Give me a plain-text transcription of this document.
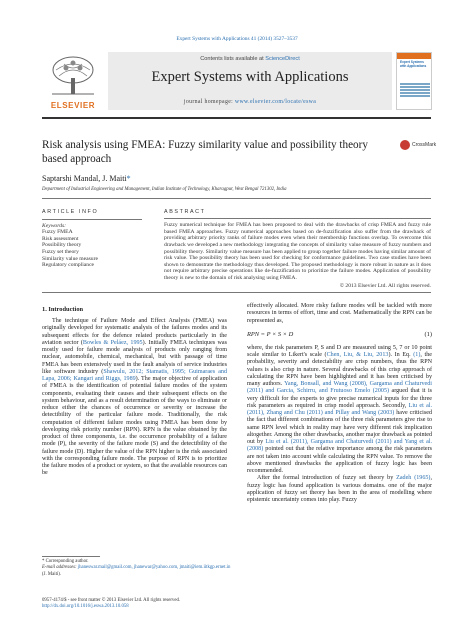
Expert Systems with Applications 41 (2014) 3527–3537
ELSEVIER
Contents lists available at ScienceDirect
Expert Systems with Applications
journal homepage: www.elsevier.com/locate/eswa
Expert Systems with Applications
Risk analysis using FMEA: Fuzzy similarity value and possibility theory based approach
CrossMark
Saptarshi Mandal, J. Maiti*
Department of Industrial Engineering and Management, Indian Institute of Technology, Kharagpur, West Bengal 721302, India
ARTICLE INFO
Keywords:
Fuzzy FMEA
Risk assessment
Possibility theory
Fuzzy set theory
Similarity value measure
Regulatory compliance
ABSTRACT
Fuzzy numerical technique for FMEA has been proposed to deal with the drawbacks of crisp FMEA and fuzzy rule based FMEA approaches. Fuzzy numerical approaches based on de-fuzzification also suffer from the drawback of providing arbitrary priority ranks of failure modes even when their membership functions overlap. To overcome this drawback we developed a new methodology integrating the concepts of similarity value measure of fuzzy numbers and possibility theory. Similarity value measure has been applied to group together failure modes having similar amount of risk value. The possibility theory has been used for checking for conformance guidelines. Two case studies have been shown to demonstrate the methodology thus developed. The proposed methodology is more robust in nature as it does not require arbitrary precise operations like de-fuzzification to prioritize the failure modes. Application of possibility theory is new to the domain of risk analysing using FMEA.
© 2013 Elsevier Ltd. All rights reserved.
1. Introduction

The technique of Failure Mode and Effect Analysis (FMEA) was originally developed for systematic analysis of the failures modes and its subsequent effects for the defence related products particularly in the aviation sector (Bowles & Peláez, 1995). Initially FMEA techniques was mostly used for failure mode analysis of products only ranging from nuclear, automobile, chemical, mechanical, but with passage of time FMEA has been extensively used in the fault analysis of service industries like software industry (Shawulu, 2012; Stamatis, 1995; Guimaraes and Lapa, 2006; Kangari and Riggs, 1989). The major objective of application of FMEA is the identification of potential failure modes of the system components, evaluating their causes and their subsequent effects on the system behaviour, and as a result determination of the ways to eliminate or reduce either the chances of occurrence or severity or increase the detectibility of the particular failure mode. Traditionally, the risk computation of different failure modes using FMEA has been done by developing risk priority number (RPN). RPN is the value obtained by the product of three components, i.e. the occurrence probability of a failure mode (P), the severity of the failure mode (S) and the detectibility of the failure mode (D). Higher the value of the RPN higher is the risk associated with the corresponding failure mode. The purpose of RPN is to prioritize the failure modes of a product or system, so that the available resources can be

effectively allocated. More risky failure modes will be tackled with more resources in terms of effort, time and cost. Mathematically the RPN can be represented as,

RPN = P × S × D	(1)

where, the risk parameters P, S and D are measured using 5, 7 or 10 point scale similar to Likert's scale (Chen, Liu, & Liu, 2013). In Eq. (1), the probability, severity and detectability are crisp numbers, thus the RPN values is also crisp in nature. Several drawbacks of this crisp approach of calculating the RPN have been highlighted and it has been criticised by many authors. Yang, Bonsall, and Wang (2008), Gargama and Chaturvedi (2011) and Garcia, Schirru, and Frutuoso Emelo (2005) argued that it is very difficult for the experts to give precise numerical inputs for the three risk parameters as required in crisp model approach. Secondly, Liu et al. (2011), Zhang and Chu (2011) and Pillay and Wang (2003) have criticised the fact that different combinations of the three risk parameters give rise to same RPN level which in reality may have very different risk implication altogether. Among the other drawbacks, another major drawback as pointed out by Liu et al. (2011), Gargama and Chaturvedi (2011) and Yang et al. (2008) pointed out that the relative importance among the risk parameters are not taken into account while calculating the RPN value. To remove the above mentioned drawbacks the application of fuzzy logic has been recommended.

After the formal introduction of fuzzy set theory by Zadeh (1965), fuzzy logic has found application is various domains. one of the major application of fuzzy set theory has been in the area of modelling where epistemic uncertainty comes into play. Fuzzy

* Corresponding author.
E-mail addresses: jhaneswar.mail@gmail.com, jhanewar@yahoo.com, jmaiti@iem.iitkgp.ernet.in (J. Maiti).
0957-4174/$ - see front matter © 2013 Elsevier Ltd. All rights reserved.
http://dx.doi.org/10.1016/j.eswa.2013.10.058
